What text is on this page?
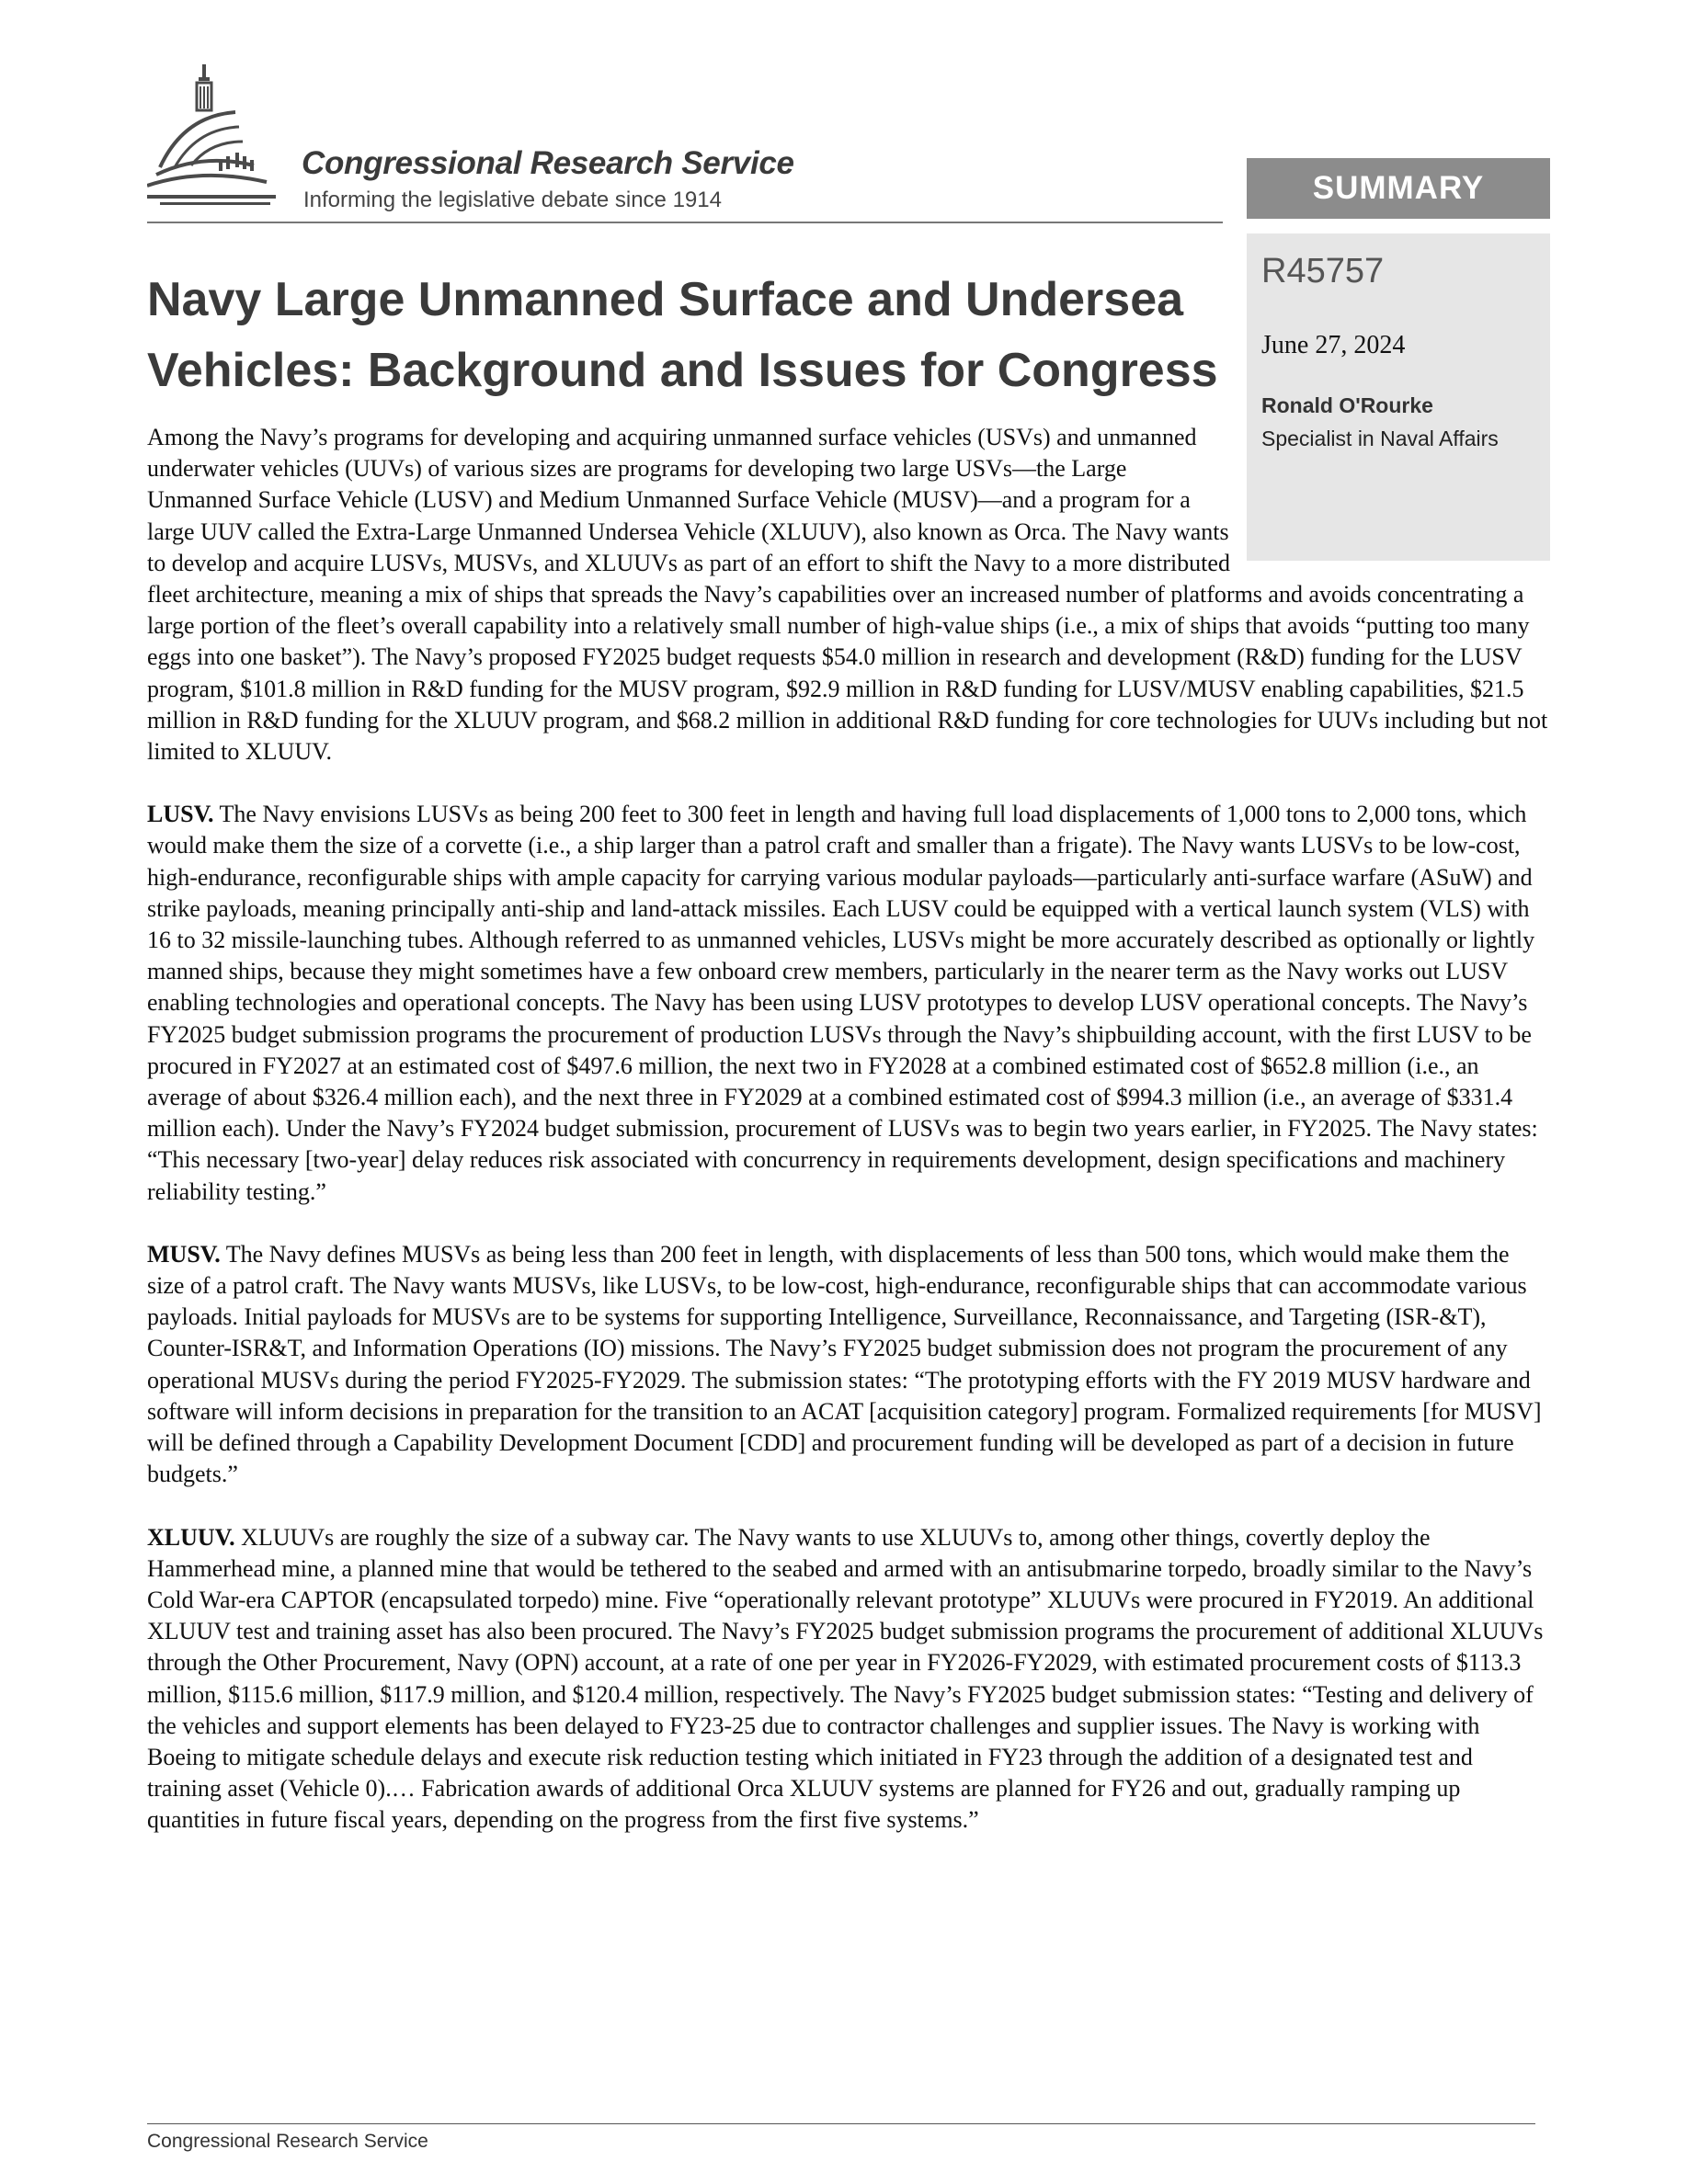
Congressional Research Service
Informing the legislative debate since 1914	SUMMARY
R45757
June 27, 2024
Ronald O'Rourke
Specialist in Naval Affairs
Navy Large Unmanned Surface and Undersea Vehicles: Background and Issues for Congress

Among the Navy’s programs for developing and acquiring unmanned surface vehicles (USVs) and unmanned underwater vehicles (UUVs) of various sizes are programs for developing two large USVs—the Large Unmanned Surface Vehicle (LUSV) and Medium Unmanned Surface Vehicle (MUSV)—and a program for a large UUV called the Extra-Large Unmanned Undersea Vehicle (XLUUV), also known as Orca. The Navy wants to develop and acquire LUSVs, MUSVs, and XLUUVs as part of an effort to shift the Navy to a more distributed fleet architecture, meaning a mix of ships that spreads the Navy’s capabilities over an increased number of platforms and avoids concentrating a large portion of the fleet’s overall capability into a relatively small number of high-value ships (i.e., a mix of ships that avoids “putting too many eggs into one basket”). The Navy’s proposed FY2025 budget requests $54.0 million in research and development (R&D) funding for the LUSV program, $101.8 million in R&D funding for the MUSV program, $92.9 million in R&D funding for LUSV/MUSV enabling capabilities, $21.5 million in R&D funding for the XLUUV program, and $68.2 million in additional R&D funding for core technologies for UUVs including but not limited to XLUUV.

LUSV. The Navy envisions LUSVs as being 200 feet to 300 feet in length and having full load displacements of 1,000 tons to 2,000 tons, which would make them the size of a corvette (i.e., a ship larger than a patrol craft and smaller than a frigate). The Navy wants LUSVs to be low-cost, high-endurance, reconfigurable ships with ample capacity for carrying various modular payloads—particularly anti-surface warfare (ASuW) and strike payloads, meaning principally anti-ship and land-attack missiles. Each LUSV could be equipped with a vertical launch system (VLS) with 16 to 32 missile-launching tubes. Although referred to as unmanned vehicles, LUSVs might be more accurately described as optionally or lightly manned ships, because they might sometimes have a few onboard crew members, particularly in the nearer term as the Navy works out LUSV enabling technologies and operational concepts. The Navy has been using LUSV prototypes to develop LUSV operational concepts. The Navy’s FY2025 budget submission programs the procurement of production LUSVs through the Navy’s shipbuilding account, with the first LUSV to be procured in FY2027 at an estimated cost of $497.6 million, the next two in FY2028 at a combined estimated cost of $652.8 million (i.e., an average of about $326.4 million each), and the next three in FY2029 at a combined estimated cost of $994.3 million (i.e., an average of $331.4 million each). Under the Navy’s FY2024 budget submission, procurement of LUSVs was to begin two years earlier, in FY2025. The Navy states: “This necessary [two-year] delay reduces risk associated with concurrency in requirements development, design specifications and machinery reliability testing.”

MUSV. The Navy defines MUSVs as being less than 200 feet in length, with displacements of less than 500 tons, which would make them the size of a patrol craft. The Navy wants MUSVs, like LUSVs, to be low-cost, high-endurance, reconfigurable ships that can accommodate various payloads. Initial payloads for MUSVs are to be systems for supporting Intelligence, Surveillance, Reconnaissance, and Targeting (ISR-&T), Counter-ISR&T, and Information Operations (IO) missions. The Navy’s FY2025 budget submission does not program the procurement of any operational MUSVs during the period FY2025-FY2029. The submission states: “The prototyping efforts with the FY 2019 MUSV hardware and software will inform decisions in preparation for the transition to an ACAT [acquisition category] program. Formalized requirements [for MUSV] will be defined through a Capability Development Document [CDD] and procurement funding will be developed as part of a decision in future budgets.”

XLUUV. XLUUVs are roughly the size of a subway car. The Navy wants to use XLUUVs to, among other things, covertly deploy the Hammerhead mine, a planned mine that would be tethered to the seabed and armed with an antisubmarine torpedo, broadly similar to the Navy’s Cold War-era CAPTOR (encapsulated torpedo) mine. Five “operationally relevant prototype” XLUUVs were procured in FY2019. An additional XLUUV test and training asset has also been procured. The Navy’s FY2025 budget submission programs the procurement of additional XLUUVs through the Other Procurement, Navy (OPN) account, at a rate of one per year in FY2026-FY2029, with estimated procurement costs of $113.3 million, $115.6 million, $117.9 million, and $120.4 million, respectively. The Navy’s FY2025 budget submission states: “Testing and delivery of the vehicles and support elements has been delayed to FY23-25 due to contractor challenges and supplier issues. The Navy is working with Boeing to mitigate schedule delays and execute risk reduction testing which initiated in FY23 through the addition of a designated test and training asset (Vehicle 0).… Fabrication awards of additional Orca XLUUV systems are planned for FY26 and out, gradually ramping up quantities in future fiscal years, depending on the progress from the first five systems.”

Congressional Research Service
